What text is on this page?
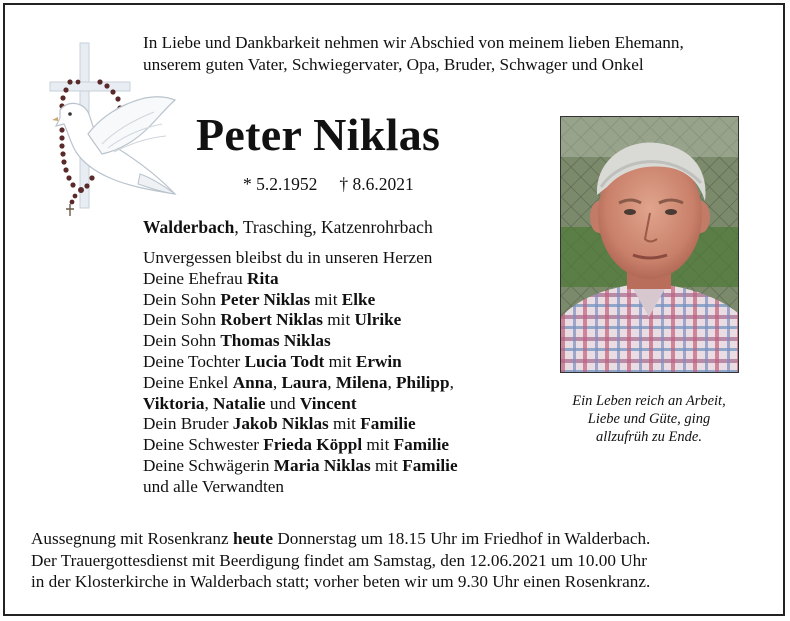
In Liebe und Dankbarkeit nehmen wir Abschied von meinem lieben Ehemann,
unserem guten Vater, Schwiegervater, Opa, Bruder, Schwager und Onkel
Peter Niklas
* 5.2.1952 † 8.6.2021
Walderbach, Trasching, Katzenrohrbach
Unvergessen bleibst du in unseren Herzen
Deine Ehefrau Rita
Dein Sohn Peter Niklas mit Elke
Dein Sohn Robert Niklas mit Ulrike
Dein Sohn Thomas Niklas
Deine Tochter Lucia Todt mit Erwin
Deine Enkel Anna, Laura, Milena, Philipp,
Viktoria, Natalie und Vincent
Dein Bruder Jakob Niklas mit Familie
Deine Schwester Frieda Köppl mit Familie
Deine Schwägerin Maria Niklas mit Familie
und alle Verwandten
Ein Leben reich an Arbeit,
Liebe und Güte, ging
allzufrüh zu Ende.
Aussegnung mit Rosenkranz heute Donnerstag um 18.15 Uhr im Friedhof in Walderbach.
Der Trauergottesdienst mit Beerdigung findet am Samstag, den 12.06.2021 um 10.00 Uhr
in der Klosterkirche in Walderbach statt; vorher beten wir um 9.30 Uhr einen Rosenkranz.
